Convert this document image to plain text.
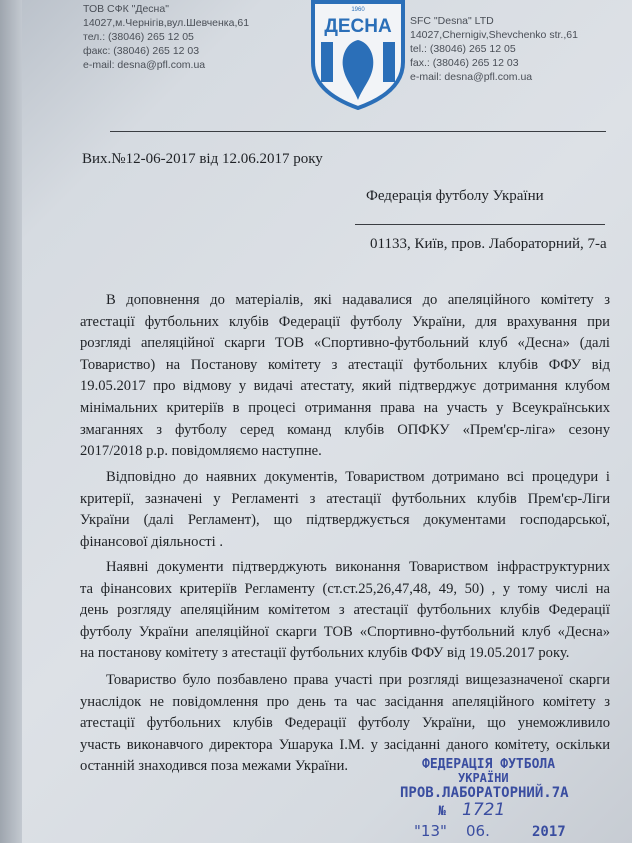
ТОВ СФК "Десна"
14027,м.Чернігів,вул.Шевченка,61
тел.: (38046) 265 12 05
факс: (38046) 265 12 03
e-mail: desna@pfl.com.ua
1960
ДЕСНА SFC "Desna" LTD
14027,Chernigiv,Shevchenko str.,61
tel.: (38046) 265 12 05
fax.: (38046) 265 12 03
e-mail: desna@pfl.com.ua
Вих.№12-06-2017 від 12.06.2017 року
Федерація футболу України
01133, Київ, пров. Лабораторний, 7-а
В доповнення до матеріалів, які надавалися до апеляційного комітету з
атестації футбольних клубів Федерації футболу України, для врахування при
розгляді апеляційної скарги ТОВ «Спортивно-футбольний клуб «Десна» (далі
Товариство) на Постанову комітету з атестації футбольних клубів ФФУ від
19.05.2017 про відмову у видачі атестату, який підтверджує дотримання клубом
мінімальних критеріїв в процесі отримання права на участь у Всеукраїнських
змаганнях з футболу серед команд клубів ОПФКУ «Прем'єр-ліга» сезону
2017/2018 р.р. повідомляємо наступне.
Відповідно до наявних документів, Товариством дотримано всі процедури і
критерії, зазначені у Регламенті з атестації футбольних клубів Прем'єр-Ліги
України (далі Регламент), що підтверджується документами господарської,
фінансової діяльності .
Наявні документи підтверджують виконання Товариством інфраструктурних
та фінансових критеріїв Регламенту (ст.ст.25,26,47,48, 49, 50) , у тому числі на
день розгляду апеляційним комітетом з атестації футбольних клубів Федерації
футболу України апеляційної скарги ТОВ «Спортивно-футбольний клуб «Десна»
на постанову комітету з атестації футбольних клубів ФФУ від 19.05.2017 року.
Товариство було позбавлено права участі при розгляді вищезазначеної скарги
унаслідок не повідомлення про день та час засідання апеляційного комітету з
атестації футбольних клубів Федерації футболу України, що унеможливило
участь виконавчого директора Ушарука І.М. у засіданні даного комітету, оскільки
останній знаходився поза межами України.	ФЕДЕРАЦІЯ ФУТБОЛА
УКРАЇНИ
ПРОВ.ЛАБОРАТОРНИЙ.7А
№ 1721
"13" 06.	2017
